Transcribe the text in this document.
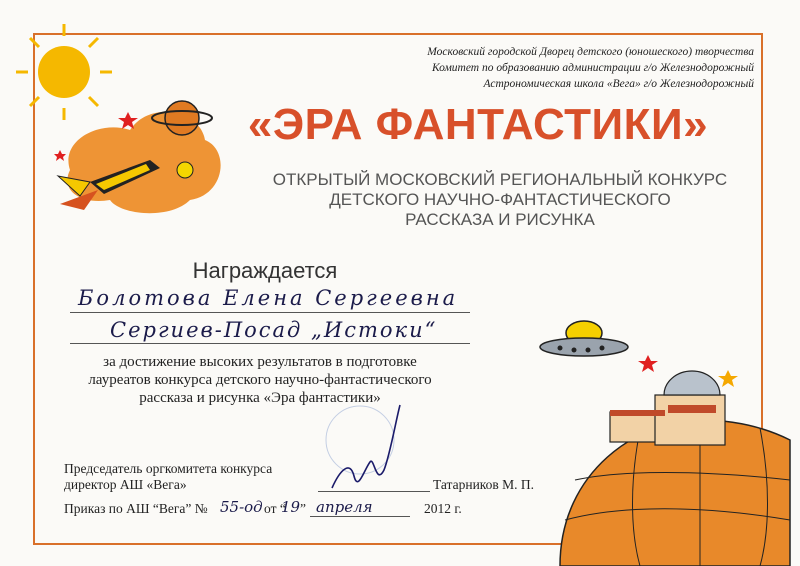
Московский городской Дворец детского (юношеского) творчества
Комитет по образованию администрации г/о Железнодорожный
Астрономическая школа «Вега» г/о Железнодорожный
«ЭРА ФАНТАСТИКИ»
ОТКРЫТЫЙ МОСКОВСКИЙ РЕГИОНАЛЬНЫЙ КОНКУРС
ДЕТСКОГО НАУЧНО-ФАНТАСТИЧЕСКОГО
РАССКАЗА И РИСУНКА
Награждается
Болотова Елена Сергеевна
Сергиев-Посад „Истоки“
за достижение высоких результатов в подготовке
лауреатов конкурса детского научно-фантастического
рассказа и рисунка «Эра фантастики»
Председатель оргкомитета конкурса
директор АШ «Вега»	Татарников М. П.
Приказ по АШ “Вега” № 55-од от “
19 ” апреля	2012 г.
